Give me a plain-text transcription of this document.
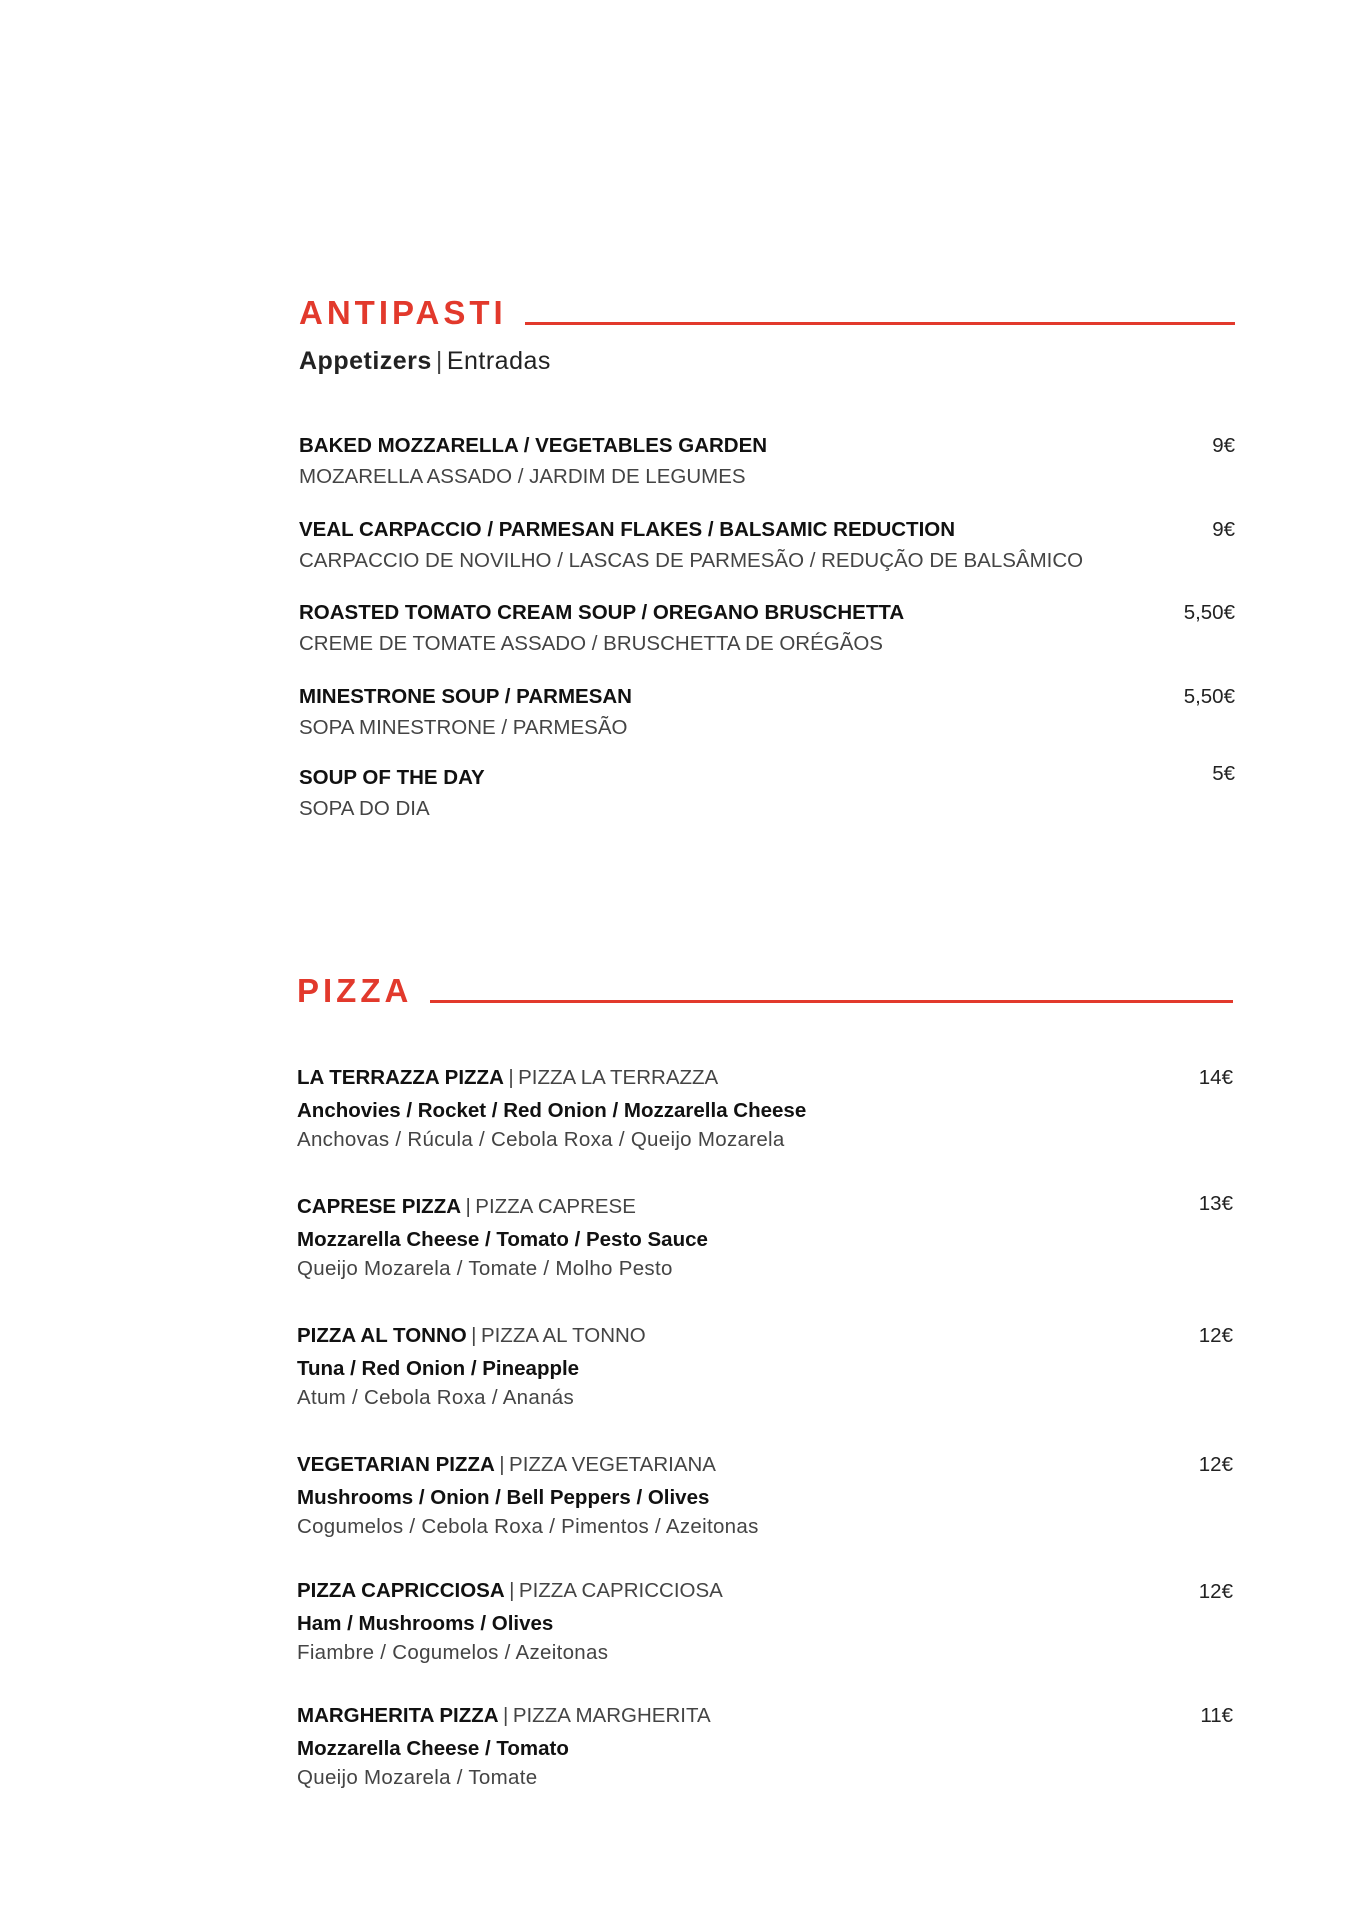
ANTIPASTI
Appetizers | Entradas
BAKED MOZZARELLA / VEGETABLES GARDEN
MOZARELLA ASSADO / JARDIM DE LEGUMES
9€
VEAL CARPACCIO / PARMESAN FLAKES / BALSAMIC REDUCTION
CARPACCIO DE NOVILHO / LASCAS DE PARMESÃO / REDUÇÃO DE BALSÂMICO
9€
ROASTED TOMATO CREAM SOUP / OREGANO BRUSCHETTA
CREME DE TOMATE ASSADO / BRUSCHETTA DE ORÉGÃOS
5,50€
MINESTRONE SOUP / PARMESAN
SOPA MINESTRONE / PARMESÃO
5,50€
SOUP OF THE DAY
SOPA DO DIA
5€
PIZZA
LA TERRAZZA PIZZA | PIZZA LA TERRAZZA
Anchovies / Rocket / Red Onion / Mozzarella Cheese
Anchovas / Rúcula / Cebola Roxa / Queijo Mozarela
14€
CAPRESE PIZZA | PIZZA CAPRESE
Mozzarella Cheese / Tomato / Pesto Sauce
Queijo Mozarela / Tomate / Molho Pesto
13€
PIZZA AL TONNO | PIZZA AL TONNO
Tuna / Red Onion / Pineapple
Atum / Cebola Roxa / Ananás
12€
VEGETARIAN PIZZA | PIZZA VEGETARIANA
Mushrooms / Onion / Bell Peppers / Olives
Cogumelos / Cebola Roxa / Pimentos / Azeitonas
12€
PIZZA CAPRICCIOSA | PIZZA CAPRICCIOSA
Ham / Mushrooms / Olives
Fiambre / Cogumelos / Azeitonas
12€
MARGHERITA PIZZA | PIZZA MARGHERITA
Mozzarella Cheese / Tomato
Queijo Mozarela / Tomate
11€
